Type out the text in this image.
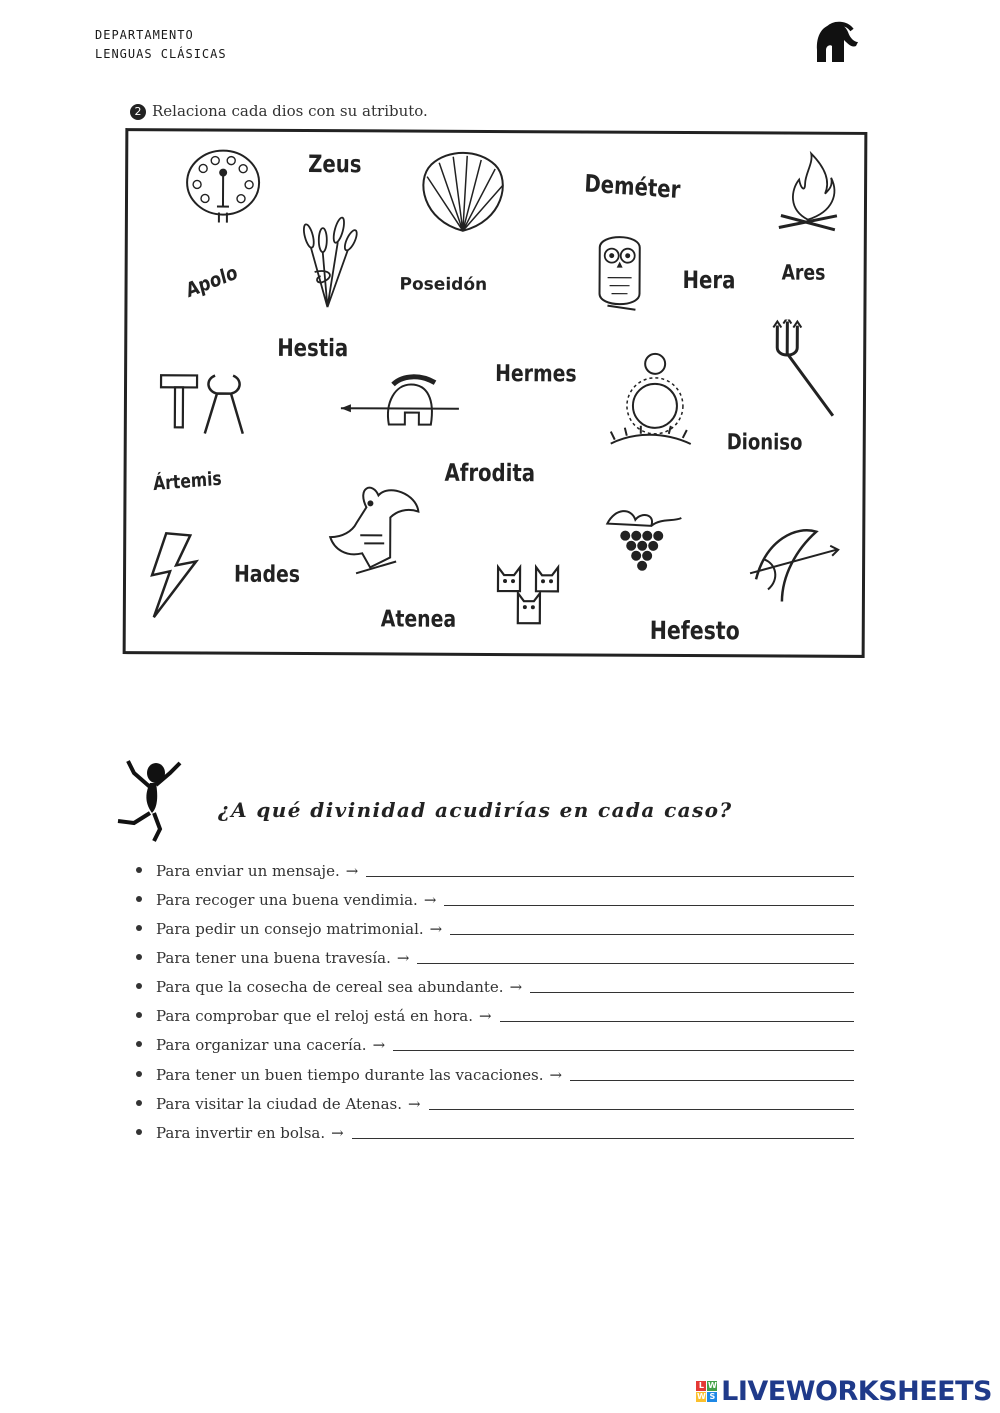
DEPARTAMENTO
LENGUAS CLÁSICAS
2 Relaciona cada dios con su atributo.
Zeus
Deméter
Apolo	Poseidón	Hera Ares
Hestia
Hermes
Dioniso
Ártemis	Afrodita
Hades
Atenea	Hefesto
¿A qué divinidad acudirías en cada caso?
Para enviar un mensaje. →
Para recoger una buena vendimia. →
Para pedir un consejo matrimonial. →
Para tener una buena travesía. →
Para que la cosecha de cereal sea abundante. →
Para comprobar que el reloj está en hora. →
Para organizar una cacería. →
Para tener un buen tiempo durante las vacaciones. →
Para visitar la ciudad de Atenas. →
Para invertir en bolsa. →
L W
W S LIVEWORKSHEETS
